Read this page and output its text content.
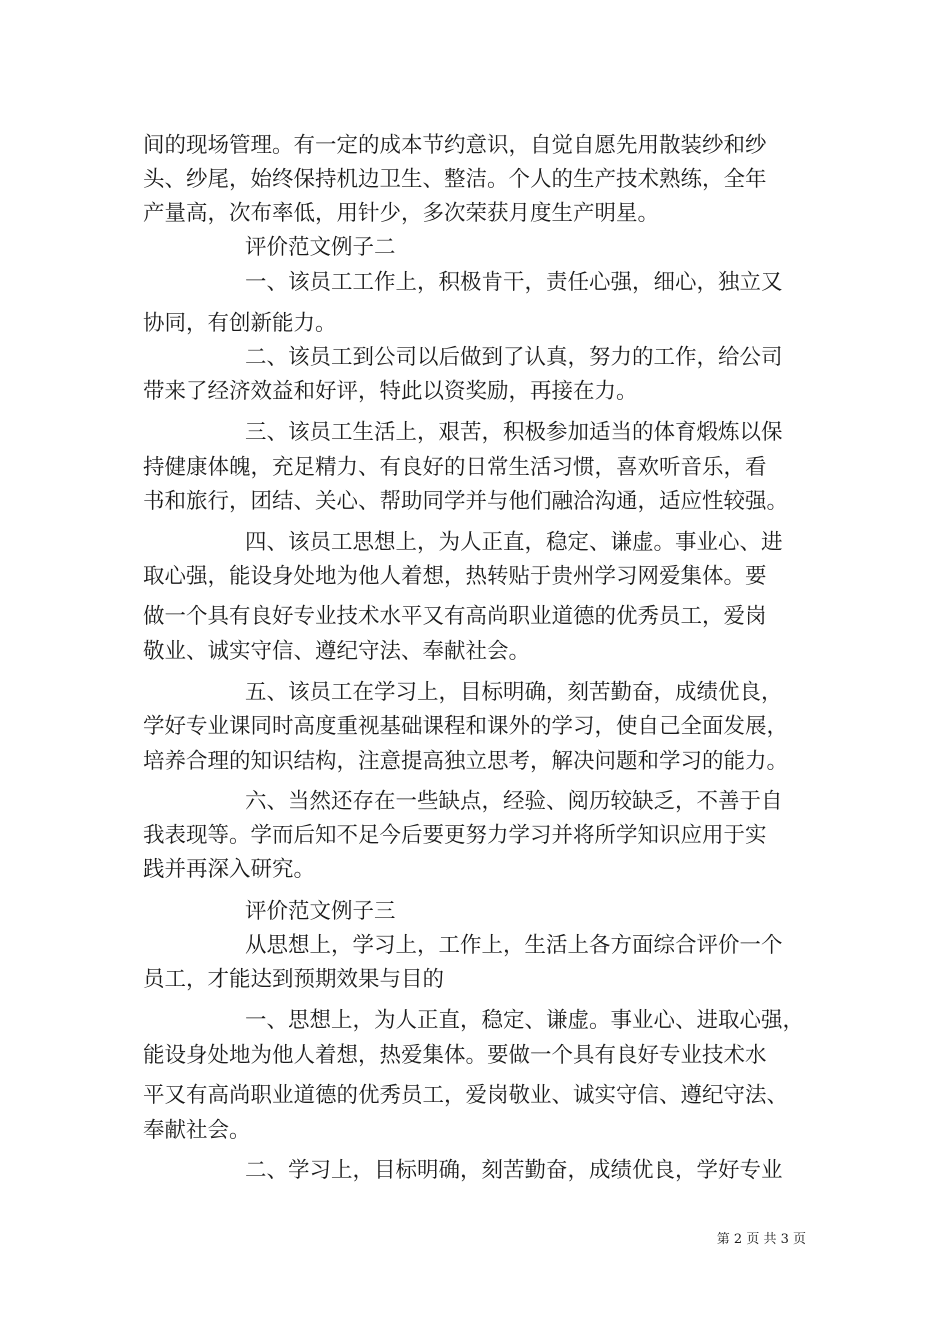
间的现场管理。有一定的成本节约意识，自觉自愿先用散装纱和纱

头、纱尾，始终保持机边卫生、整洁。个人的生产技术熟练，全年

产量高，次布率低，用针少，多次荣获月度生产明星。

评价范文例子二

一、该员工工作上，积极肯干，责任心强，细心，独立又

协同，有创新能力。

二、该员工到公司以后做到了认真，努力的工作，给公司

带来了经济效益和好评，特此以资奖励，再接在力。

三、该员工生活上，艰苦，积极参加适当的体育煅炼以保

持健康体魄，充足精力、有良好的日常生活习惯，喜欢听音乐，看

书和旅行，团结、关心、帮助同学并与他们融洽沟通，适应性较强。

四、该员工思想上，为人正直，稳定、谦虚。事业心、进

取心强，能设身处地为他人着想，热转贴于贵州学习网爱集体。要

做一个具有良好专业技术水平又有高尚职业道德的优秀员工，爱岗

敬业、诚实守信、遵纪守法、奉献社会。

五、该员工在学习上，目标明确，刻苦勤奋，成绩优良，

学好专业课同时高度重视基础课程和课外的学习，使自己全面发展，

培养合理的知识结构，注意提高独立思考，解决问题和学习的能力。

六、当然还存在一些缺点，经验、阅历较缺乏，不善于自

我表现等。学而后知不足今后要更努力学习并将所学知识应用于实

践并再深入研究。

评价范文例子三

从思想上，学习上，工作上，生活上各方面综合评价一个

员工，才能达到预期效果与目的

一、思想上，为人正直，稳定、谦虚。事业心、进取心强，

能设身处地为他人着想，热爱集体。要做一个具有良好专业技术水

平又有高尚职业道德的优秀员工，爱岗敬业、诚实守信、遵纪守法、

奉献社会。

二、学习上，目标明确，刻苦勤奋，成绩优良，学好专业

第 2 页 共 3 页
